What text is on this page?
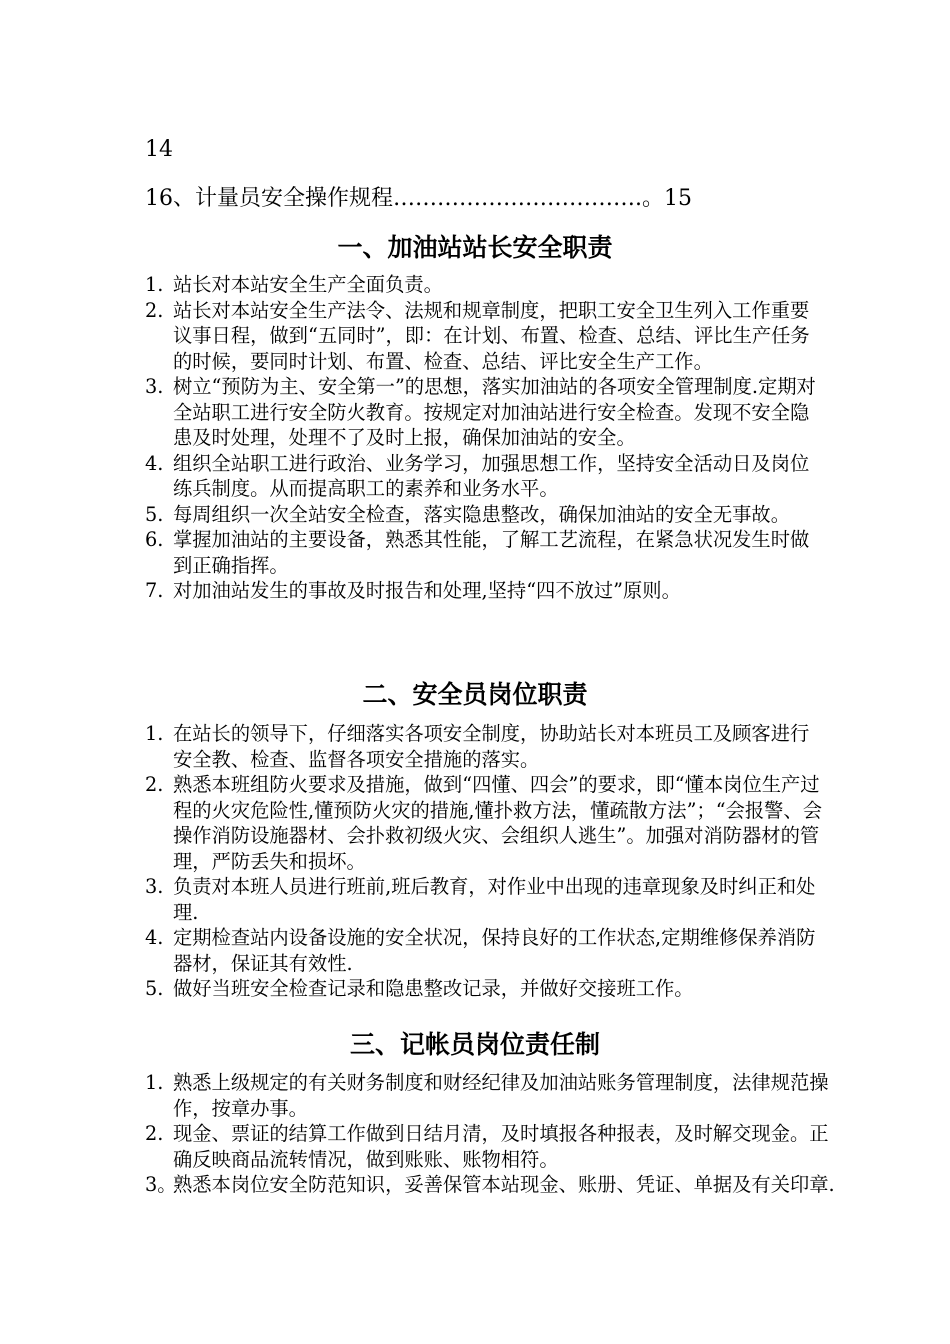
14
16、计量员安全操作规程…………………………….。15
一、加油站站长安全职责
1. 站长对本站安全生产全面负责。
2. 站长对本站安全生产法令、法规和规章制度，把职工安全卫生列入工作重要议事日程，做到“五同时”，即：在计划、布置、检查、总结、评比生产任务的时候，要同时计划、布置、检查、总结、评比安全生产工作。
3. 树立“预防为主、安全第一”的思想，落实加油站的各项安全管理制度.定期对全站职工进行安全防火教育。按规定对加油站进行安全检查。发现不安全隐患及时处理，处理不了及时上报，确保加油站的安全。
4. 组织全站职工进行政治、业务学习，加强思想工作，坚持安全活动日及岗位练兵制度。从而提高职工的素养和业务水平。
5. 每周组织一次全站安全检查，落实隐患整改，确保加油站的安全无事故。
6. 掌握加油站的主要设备，熟悉其性能，了解工艺流程，在紧急状况发生时做到正确指挥。
7. 对加油站发生的事故及时报告和处理,坚持“四不放过”原则。
二、安全员岗位职责
1. 在站长的领导下，仔细落实各项安全制度，协助站长对本班员工及顾客进行安全教、检查、监督各项安全措施的落实。
2. 熟悉本班组防火要求及措施，做到“四懂、四会”的要求，即“懂本岗位生产过程的火灾危险性,懂预防火灾的措施,懂扑救方法，懂疏散方法”；“会报警、会操作消防设施器材、会扑救初级火灾、会组织人逃生”。加强对消防器材的管理，严防丢失和损坏。
3. 负责对本班人员进行班前,班后教育，对作业中出现的违章现象及时纠正和处理.
4. 定期检查站内设备设施的安全状况，保持良好的工作状态,定期维修保养消防器材，保证其有效性.
5. 做好当班安全检查记录和隐患整改记录，并做好交接班工作。
三、记帐员岗位责任制
1. 熟悉上级规定的有关财务制度和财经纪律及加油站账务管理制度，法律规范操作，按章办事。
2. 现金、票证的结算工作做到日结月清，及时填报各种报表，及时解交现金。正确反映商品流转情况，做到账账、账物相符。
3。
熟悉本岗位安全防范知识，妥善保管本站现金、账册、凭证、单据及有关印章.
